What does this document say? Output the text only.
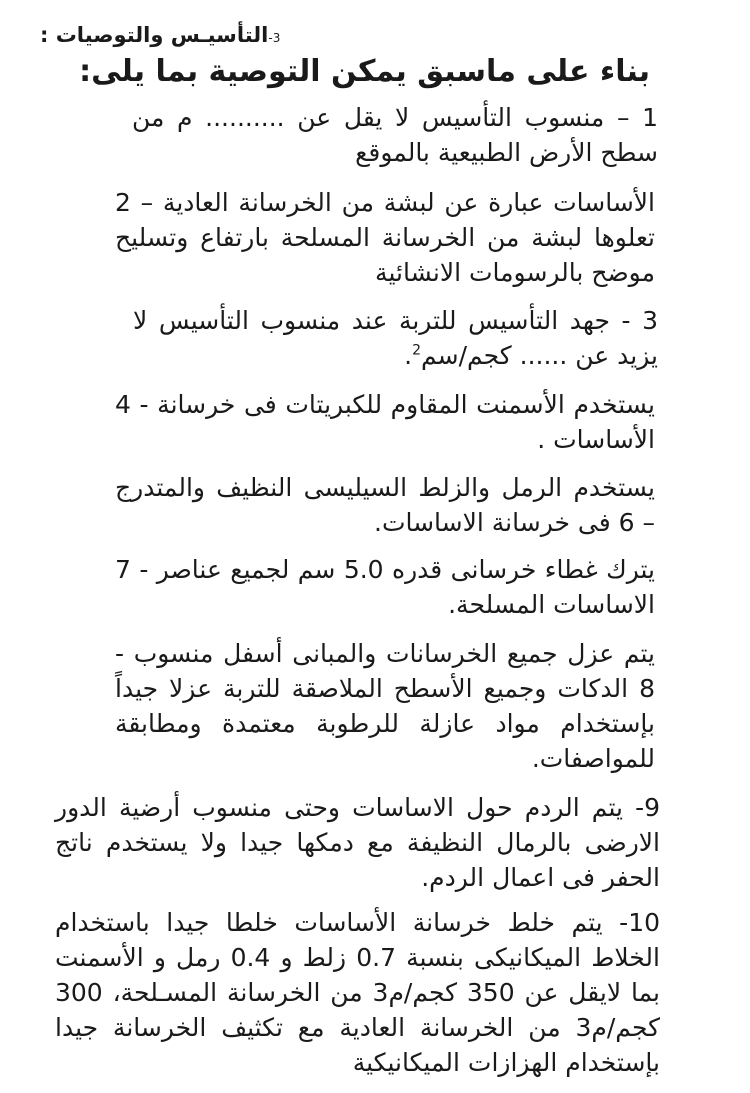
3-التأسيـس والتوصيات :
بناء على ماسبق يمكن التوصية بما يلى:
1 – منسوب التأسيس لا يقل عن .......... م من سطح الأرض الطبيعية بالموقع
الأساسات عبارة عن لبشة من الخرسانة العادية – 2 تعلوها لبشة من الخرسانة المسلحة بارتفاع وتسليح موضح بالرسومات الانشائية
3 - جهد التأسيس للتربة عند منسوب التأسيس لا يزيد عن ...... كجم/سم$^2$.
يستخدم الأسمنت المقاوم للكبريتات فى خرسانة - 4 الأساسات .
يستخدم الرمل والزلط السيليسى النظيف والمتدرج – 6 فى خرسانة الاساسات.
يترك غطاء خرسانى قدره 5.0 سم لجميع عناصر - 7 الاساسات المسلحة.
يتم عزل جميع الخرسانات والمبانى أسفل منسوب - 8 الدكات وجميع الأسطح الملاصقة للتربة عزلا جيداً بإستخدام مواد عازلة للرطوبة معتمدة ومطابقة للمواصفات.
9- يتم الردم حول الاساسات وحتى منسوب أرضية الدور الارضى بالرمال النظيفة مع دمكها جيدا ولا يستخدم ناتج الحفر فى اعمال الردم.
10- يتم خلط خرسانة الأساسات خلطا جيدا باستخدام الخلاط الميكانيكى بنسبة 0.7 زلط و 0.4 رمل و الأسمنت بما لايقل عن 350 كجم/م3 من الخرسانة المسـلحة، 300 كجم/م3 من الخرسانة العادية مع تكثيف الخرسانة جيدا بإستخدام الهزازات الميكانيكية
